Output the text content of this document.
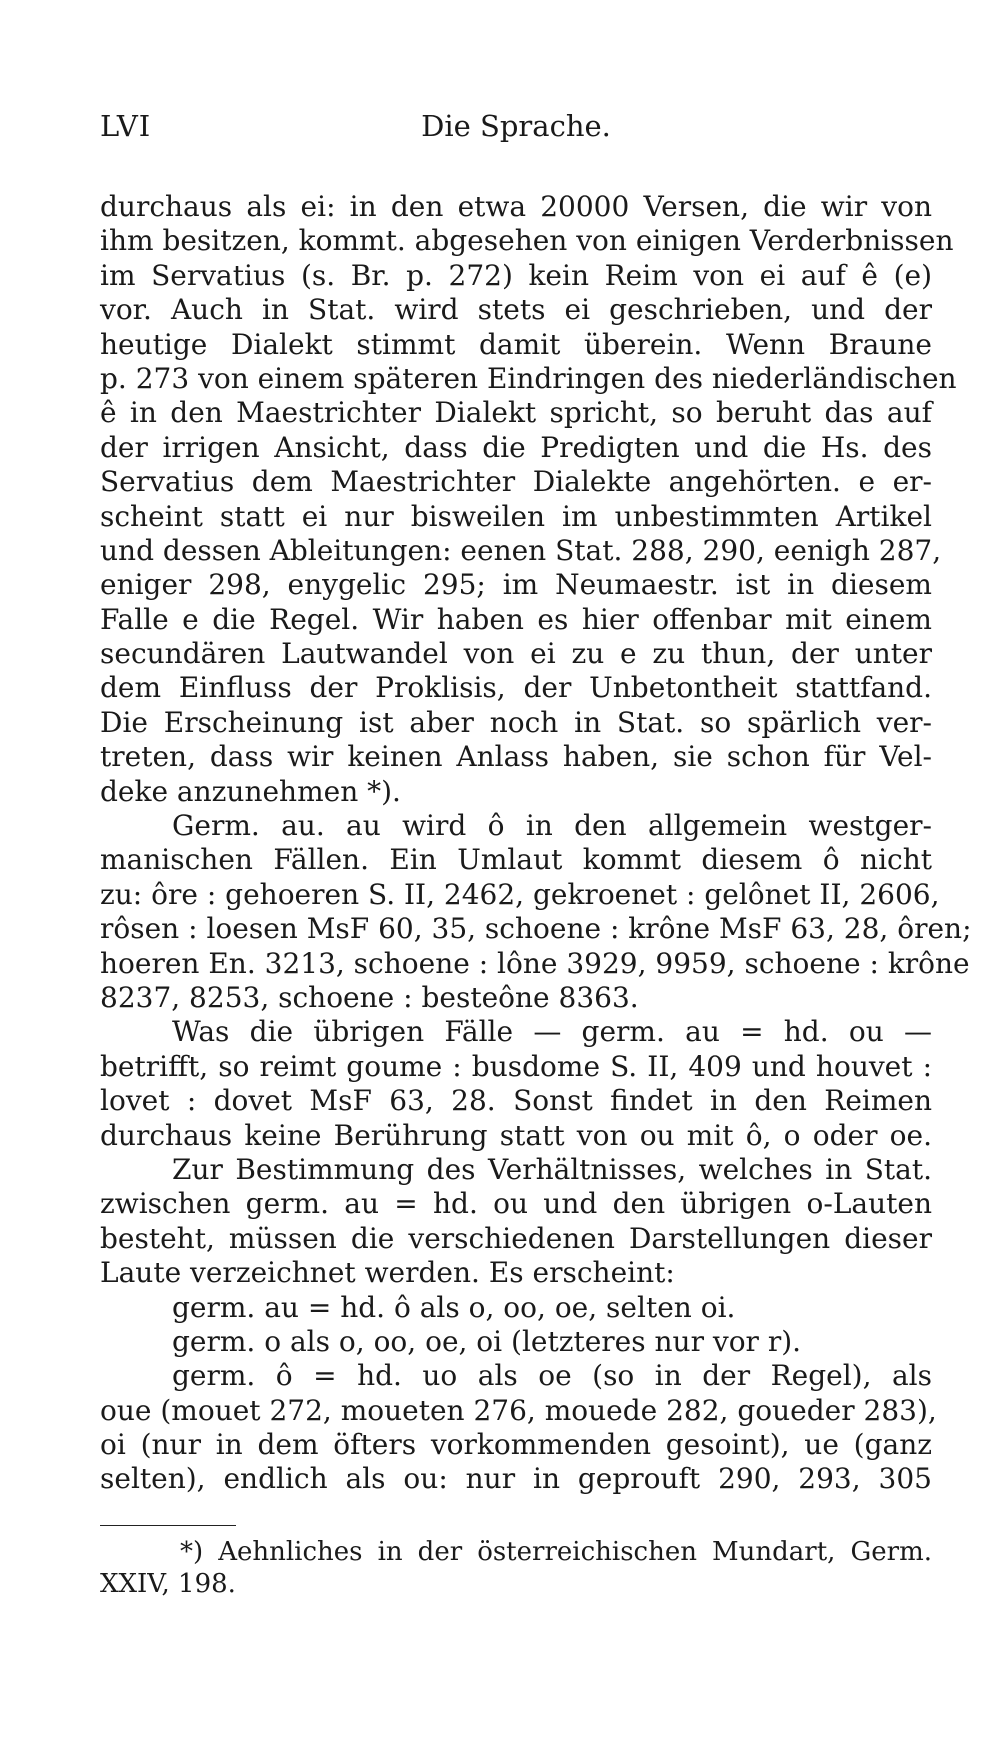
LVI	Die Sprache.
durchaus als ei: in den etwa 20000 Versen, die wir von
ihm besitzen, kommt. abgesehen von einigen Verderbnissen
im Servatius (s. Br. p. 272) kein Reim von ei auf ê (e)
vor. Auch in Stat. wird stets ei geschrieben, und der
heutige Dialekt stimmt damit überein. Wenn Braune
p. 273 von einem späteren Eindringen des niederländischen
ê in den Maestrichter Dialekt spricht, so beruht das auf
der irrigen Ansicht, dass die Predigten und die Hs. des
Servatius dem Maestrichter Dialekte angehörten. e er-
scheint statt ei nur bisweilen im unbestimmten Artikel
und dessen Ableitungen: eenen Stat. 288, 290, eenigh 287,
eniger 298, enygelic 295; im Neumaestr. ist in diesem
Falle e die Regel. Wir haben es hier offenbar mit einem
secundären Lautwandel von ei zu e zu thun, der unter
dem Einfluss der Proklisis, der Unbetontheit stattfand.
Die Erscheinung ist aber noch in Stat. so spärlich ver-
treten, dass wir keinen Anlass haben, sie schon für Vel-
deke anzunehmen *).
Germ. au. au wird ô in den allgemein westger-
manischen Fällen. Ein Umlaut kommt diesem ô nicht
zu: ôre : gehoeren S. II, 2462, gekroenet : gelônet II, 2606,
rôsen : loesen MsF 60, 35, schoene : krône MsF 63, 28, ôren;
hoeren En. 3213, schoene : lône 3929, 9959, schoene : krône
8237, 8253, schoene : besteône 8363.
Was die übrigen Fälle — germ. au = hd. ou —
betrifft, so reimt goume : busdome S. II, 409 und houvet :
lovet : dovet MsF 63, 28. Sonst findet in den Reimen
durchaus keine Berührung statt von ou mit ô, o oder oe.
Zur Bestimmung des Verhältnisses, welches in Stat.
zwischen germ. au = hd. ou und den übrigen o-Lauten
besteht, müssen die verschiedenen Darstellungen dieser
Laute verzeichnet werden. Es erscheint:
germ. au = hd. ô als o, oo, oe, selten oi.
germ. o als o, oo, oe, oi (letzteres nur vor r).
germ. ô = hd. uo als oe (so in der Regel), als
oue (mouet 272, moueten 276, mouede 282, goueder 283),
oi (nur in dem öfters vorkommenden gesoint), ue (ganz
selten), endlich als ou: nur in geprouft 290, 293, 305
*) Aehnliches in der österreichischen Mundart, Germ.
XXIV, 198.
